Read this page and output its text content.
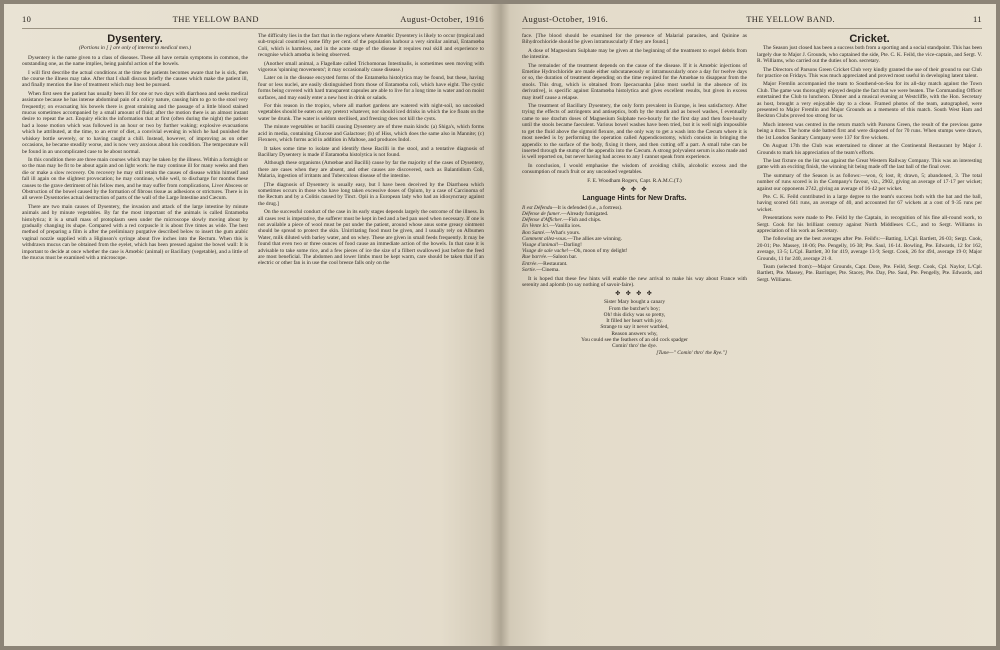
10	THE YELLOW BAND	August-October, 1916
Dysentery.
(Portions in [ ] are only of interest to medical men.)

Dysentery is the name given to a class of diseases. These all have certain symptoms in common, the outstanding one, as the name implies, being painful action of the bowels.

I will first describe the actual conditions at the time the patients becomes aware that he is sick, then the course the illness may take. After that I shall discuss briefly the causes which make the patient ill, and finally mention the line of treatment which may best be pursued.

When first seen the patient has usually been ill for one or two days with diarrhoea and seeks medical assistance because he has intense abdominal pain of a colicy nature, causing him to go to the stool very frequently; on evacuating his bowels there is great straining and the passage of a little blood stained mucus sometimes accompanied by a small amount of fluid; after the motion there is an almost instant desire to repeat the act. Enquiry elicits the information that at first (often during the night) the patient had a loose motion which was followed in an hour or two by further waking; explosive evacuations which he attributed, at the time, to an error of diet, a convivial evening in which he had punished the whiskey bottle severely, or to having caught a chill. Instead, however, of improving as on other occasions, he became steadily worse, and is now very anxious about his condition. The temperature will be found in an uncomplicated case to be about normal.

In this condition there are three main courses which may be taken by the illness. Within a fortnight or so the man may be fit to be about again and on light work: he may continue ill for many weeks and then die or make a slow recovery. On recovery he may still retain the causes of disease within himself and fall ill again on the slightest provocation; he may continue, while well, to discharge for months these causes to the grave detriment of his fellow men, and he may suffer from complications, Liver Abscess or Obstruction of the bowel caused by the formation of fibrous tissue as adhesions or strictures. There is in all severe Dysentories actual destruction of parts of the wall of the Large Intestine and Cæcum.

There are two main causes of Dysentery, the invasion and attack of the large intestine by minute animals and by minute vegetables. By far the most important of the animals is called Entamœba histolytica; it is a small mass of protoplasm seen under the microscope slowly moving about by gradually changing its shape. Compared with a red corpuscle it is about five times as wide. The best method of preparing a film is after the preliminary purgative described below to insert the gum arabic vaginal nozzle supplied with a Higinson's syringe about five inches into the Rectum. When this is withdrawn mucus can be obtained from the eyelet, which has been pressed against the bowel wall: It is important to decide at once whether the case is Amœbic (animal) or Bacillary (vegetable), and a little of the mucus must be examined with a microscope.

The difficulty lies in the fact that in the regions where Amœbic Dysentery is likely to occur (tropical and sub-tropical countries) some fifty per cent. of the population harbour a very similar animal, Entamœba Coli, which is harmless, and in the acute stage of the disease it requires real skill and experience to recognise which amœba is being observed.

(Another small animal, a Flagellate called Trichomonas Intestinalis, is sometimes seen moving with vigorous 'spinning movements'; it may occasionally cause disease.)

Later on in the disease encysted forms of the Entamœba histolytica may be found, but these, having four or less nuclei, are easily distinguished from those of Entamœba coli, which have eight. The cystic forms being covered with hard transparent capsules are able to live for a long time in water and on moist surfaces, and may easily enter a new host in drink or salads.

For this reason in the tropics, where all market gardens are watered with night-soil, no uncooked vegetables should be eaten on any pretext whatever, nor should iced drinks in which the ice floats on the water be drunk. The water is seldom sterilised, and freezing does not kill the cysts.

The minute vegetables or bacilli causing Dysentery are of three main kinds: (a) Shiga's, which forms acid in media, containing Glucose and Galactose; (b) of Hiss, which does the same also in Mannite; (c) Flexners, which forms acid in addition in Maltose, and produces Indol.

It takes some time to isolate and identify these Bacilli in the stool, and a tentative diagnosis of Bacillary Dysentery is made if Entamœba histolytica is not found.

Although these organisms (Amœbae and Bacilli) cause by far the majority of the cases of Dysentery, there are cases when they are absent, and other causes are discovered, such as Balantidium Coli, Malaria, ingestion of irritants and Tuberculous disease of the intestine.

[The diagnosis of Dysentery is usually easy, but I have been deceived by the Diarrhoea which sometimes occurs in those who have long taken excessive doses of Opium, by a case of Carcinoma of the Rectum and by a Colitis caused by Tinct. Opii in a European lady who had an idiosyncrasy against the drug.]

On the successful conduct of the case in its early stages depends largely the outcome of the illness. In all cases rest is imperative, the sufferer must be kept in bed and a bed pan used when necessary. If one is not available a piece of wool must be put under the patient, around whose anus some greasy ointment should be spread to protect the skin. Unirritating food must be given, and I usually rely on Albumen Water, milk diluted with barley water, and on whey. These are given in small feeds frequently. It may be found that even two or three ounces of food cause an immediate action of the bowels. In that case it is advisable to take some rice, and a few pieces of ice the size of a filbert swallowed just before the feed are most beneficial. The abdomen and lower limbs must be kept warm, care should be taken that if an electric or other fan is in use the cool breeze falls only on the

August-October, 1916.	THE YELLOW BAND.	11

face. [The blood should be examined for the presence of Malarial parasites, and Quinine as Bihydrochloride should be given intramuscularly if they are found.]

A dose of Magnesium Sulphate may be given at the beginning of the treatment to expel debris from the intestine.

The remainder of the treatment depends on the cause of the disease. If it is Amœbic injections of Emetine Hydrochloride are made either subcutaneously or intramuscularly once a day for twelve days or so, the duration of treatment depending on the time required for the Amœbae to disappear from the stools. This drug, which is obtained from Ipecacuanha [also most useful in the absence of its derivative], is specific against Entamœba histolytica and gives excellent results, but given in excess may itself cause a relapse.

The treatment of Bacillary Dysentery, the only form prevalent in Europe, is less satisfactory. After trying the effects of astringents and antiseptics, both by the mouth and as bowel washes, I eventually came to use drachm doses of Magnesium Sulphate two-hourly for the first day and then four-hourly until the stools became faeculent. Various bowel washes have been tried, but it is well nigh impossible to get the fluid above the sigmoid flexure, and the only way to get a wash into the Cæcum where it is most needed is by performing the operation called Appendicostomy, which consists in bringing the appendix to the surface of the body, fixing it there, and then cutting off a part. A small tube can be inserted through the stump of the appendix into the Cæcum. A strong polyvalent serum is also made and is well reported on, but never having had access to any I cannot speak from experience.

In conclusion, I would emphasise the wisdom of avoiding chills, alcoholic excess and the consumption of much fruit or any uncooked vegetables.

F. E. Woodham Rogers, Capt. R.A.M.C.(T.)
✤ ✤ ✤
Language Hints for New Drafts.
Il est Défendu—It is defended (i.e., a fortress).
Défense de fumer.—Already fumigated.
Défense d'Afficher.—Fish and chips.
En Vente Ici.—Vanilla ices.
Bon Santé.—What's yours.
Comment allez-vous.—The allies are winning.
Visage d'animal!—Darling!
Visage de sale vache!—Oh, moon of my delight!
Rue barrée.—Saloon bar.
Entrée.—Restaurant.
Sortie.—Cinema.

It is hoped that these few hints will enable the new arrival to make his way about France with serenity and aplomb (to say nothing of savoir-faire).

✤ ✤ ✤ ✤
Sister Mary bought a canary
From the butcher's boy;
Oh! this dicky was so pretty,
It filled her heart with joy.
Strange to say it never warbled,
Reason answers why,
You could see the feathers of an old cock spadger
Comin' thro' the dye.
[Tune—" Comin' thro' the Rye."]
Cricket.

The Season just closed has been a success both from a sporting and a social standpoint. This has been largely due to Major J. Grounds, who captained the side, Pte. C. K. Feild, the vice-captain, and Sergt. V. R. Williams, who carried out the duties of hon. secretary.

The Directors of Parsons Green Cricket Club very kindly granted the use of their ground to our Club for practice on Fridays. This was much appreciated and proved most useful in developing latent talent.

Major Fremlin accompanied the team to Southend-on-Sea for its all-day match against the Town Club. The game was thoroughly enjoyed despite the fact that we were beaten. The Commanding Officer entertained the Club to luncheon. Dinner and a musical evening at Westcliffe, with the Hon. Secretary as host, brought a very enjoyable day to a close. Framed photos of the team, autographed, were presented to Major Fremlin and Major Grounds as a memento of this match. South West Ham and Beckton Clubs proved too strong for us.

Much interest was centred in the return match with Parsons Green, the result of the previous game being a draw. The home side batted first and were disposed of for 70 runs. When stumps were drawn, the 1st London Sanitary Company were 137 for five wickets.

On August 17th the Club was entertained to dinner at the Continental Restaurant by Major J. Grounds to mark his appreciation of the team's efforts.

The last fixture on the list was against the Great Western Railway Company. This was an interesting game with an exciting finish, the winning hit being made off the last ball of the final over.

The summary of the Season is as follows:—won, 6; lost, 8; drawn, 5; abandoned, 3. The total number of runs scored is in the Company's favour, viz., 2902, giving an average of 17·17 per wicket; against our opponents 2742, giving an average of 16·42 per wicket.

Pte. C. K. Feild contributed in a large degree to the team's success both with the bat and the ball, having scored 641 runs, an average of 40, and accounted for 67 wickets at a cost of 9·35 runs per wicket.

Presentations were made to Pte. Feild by the Captain, in recognition of his fine all-round work, to Sergt. Cook for his brilliant century against North Middlesex C.C., and to Sergt. Williams in appreciation of his work as Secretary.

The following are the best averages after Pte. Feild's:—Batting, L/Cpl. Bartlett, 26·03; Sergt. Cook, 20·01; Pte. Massey, 18·06; Pte. Pengelly, 16·38; Pte. Saul, 16·14. Bowling, Pte. Edwards, 12 for 162, average, 13·5; L/Cpl. Bartlett, 30 for 419, average 13·9; Sergt. Cook, 26 for 494, average 19·0; Major Grounds, 11 for 240, average 21·8.

Team (selected from):—Major Grounds, Capt. Dore, Pte. Feild, Sergt. Cook, Cpl. Naylor, L/Cpl. Bartlett, Pte. Massey, Pte. Barringer, Pte. Stacey, Pte. Day, Pte. Saul, Pte. Pengelly, Pte. Edwards, and Sergt. Williams.
